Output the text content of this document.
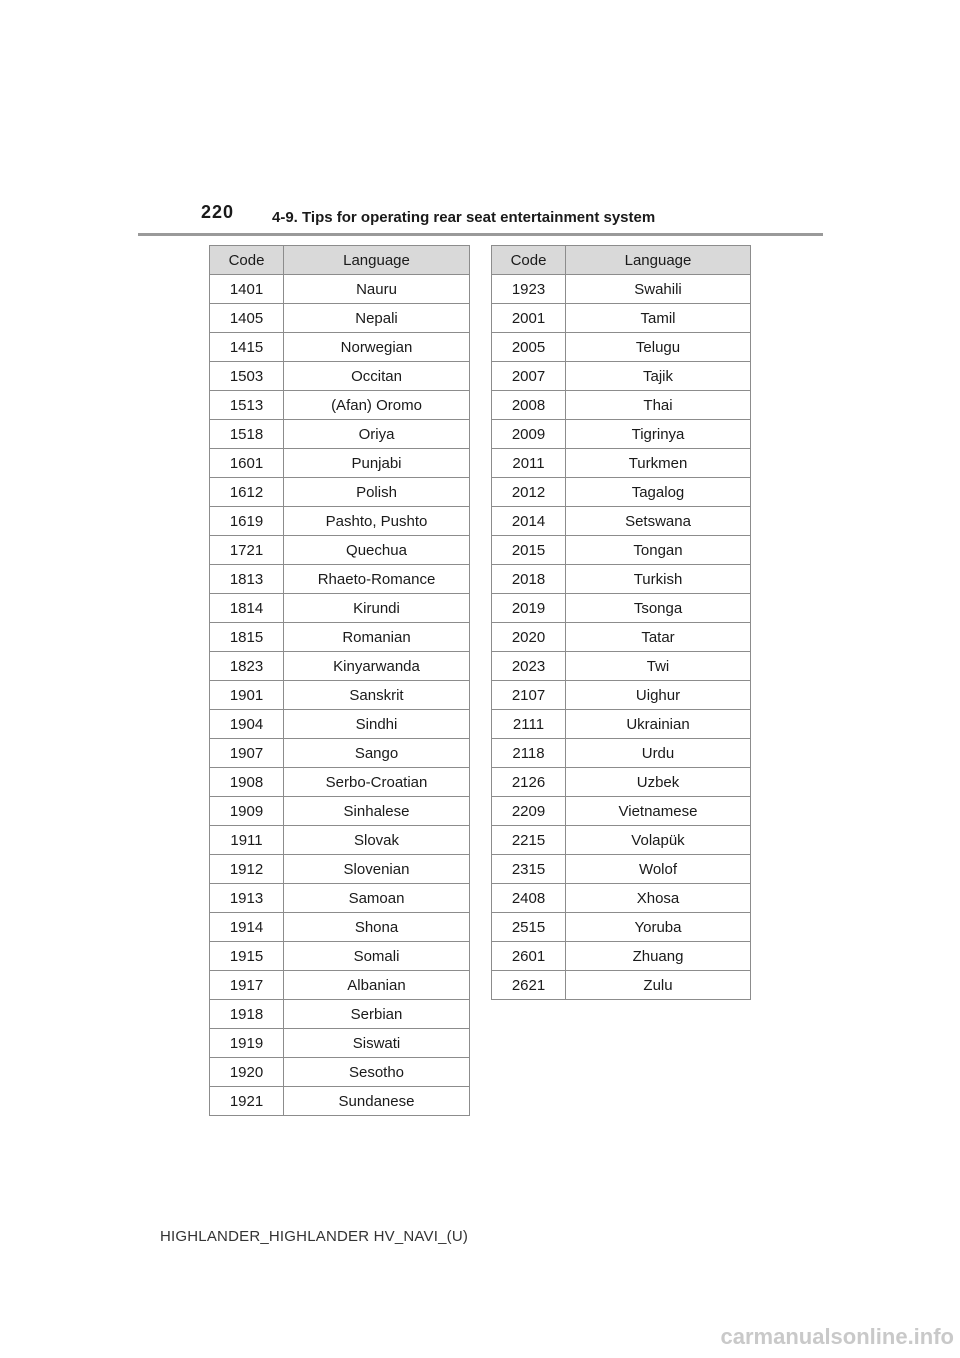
220	4-9. Tips for operating rear seat entertainment system
Code	Language
1401	Nauru
1405	Nepali
1415	Norwegian
1503	Occitan
1513	(Afan) Oromo
1518	Oriya
1601	Punjabi
1612	Polish
1619	Pashto, Pushto
1721	Quechua
1813	Rhaeto-Romance
1814	Kirundi
1815	Romanian
1823	Kinyarwanda
1901	Sanskrit
1904	Sindhi
1907	Sango
1908	Serbo-Croatian
1909	Sinhalese
1911	Slovak
1912	Slovenian
1913	Samoan
1914	Shona
1915	Somali
1917	Albanian
1918	Serbian
1919	Siswati
1920	Sesotho
1921	Sundanese
Code	Language
1923	Swahili
2001	Tamil
2005	Telugu
2007	Tajik
2008	Thai
2009	Tigrinya
2011	Turkmen
2012	Tagalog
2014	Setswana
2015	Tongan
2018	Turkish
2019	Tsonga
2020	Tatar
2023	Twi
2107	Uighur
2111	Ukrainian
2118	Urdu
2126	Uzbek
2209	Vietnamese
2215	Volapük
2315	Wolof
2408	Xhosa
2515	Yoruba
2601	Zhuang
2621	Zulu
HIGHLANDER_HIGHLANDER HV_NAVI_(U)
carmanualsonline.info
